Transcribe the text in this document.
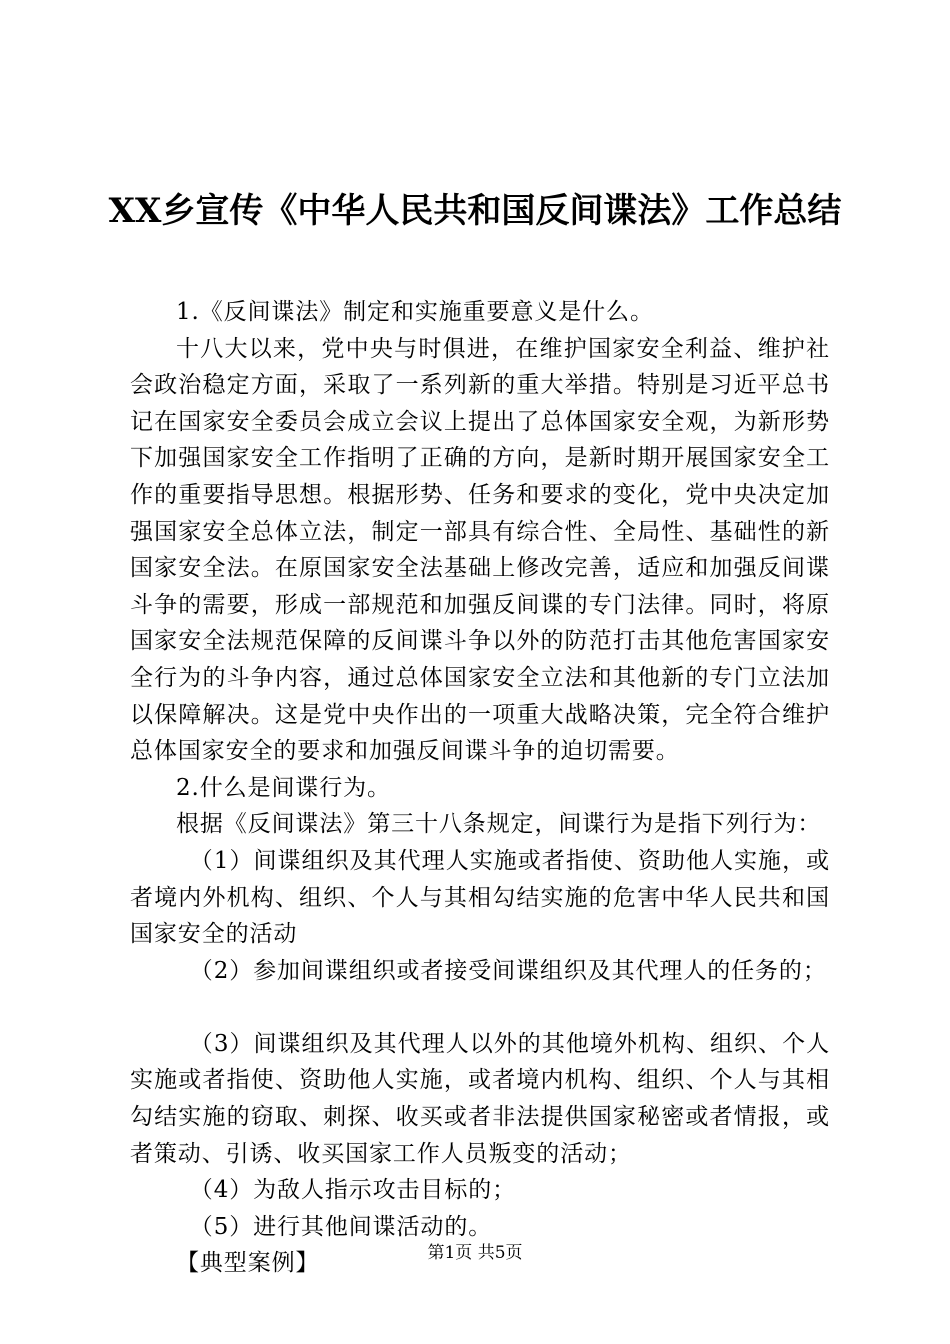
XX乡宣传《中华人民共和国反间谍法》工作总结

1.《反间谍法》制定和实施重要意义是什么。

十八大以来，党中央与时俱进，在维护国家安全利益、维护社会政治稳定方面，采取了一系列新的重大举措。特别是习近平总书记在国家安全委员会成立会议上提出了总体国家安全观，为新形势下加强国家安全工作指明了正确的方向，是新时期开展国家安全工作的重要指导思想。根据形势、任务和要求的变化，党中央决定加强国家安全总体立法，制定一部具有综合性、全局性、基础性的新国家安全法。在原国家安全法基础上修改完善，适应和加强反间谍斗争的需要，形成一部规范和加强反间谍的专门法律。同时，将原国家安全法规范保障的反间谍斗争以外的防范打击其他危害国家安全行为的斗争内容，通过总体国家安全立法和其他新的专门立法加以保障解决。这是党中央作出的一项重大战略决策，完全符合维护总体国家安全的要求和加强反间谍斗争的迫切需要。

2.什么是间谍行为。

根据《反间谍法》第三十八条规定，间谍行为是指下列行为：

（1）间谍组织及其代理人实施或者指使、资助他人实施，或者境内外机构、组织、个人与其相勾结实施的危害中华人民共和国国家安全的活动

（2）参加间谍组织或者接受间谍组织及其代理人的任务的；

（3）间谍组织及其代理人以外的其他境外机构、组织、个人实施或者指使、资助他人实施，或者境内机构、组织、个人与其相勾结实施的窃取、刺探、收买或者非法提供国家秘密或者情报，或者策动、引诱、收买国家工作人员叛变的活动；

（4）为敌人指示攻击目标的；

（5）进行其他间谍活动的。

【典型案例】	第1页 共5页
